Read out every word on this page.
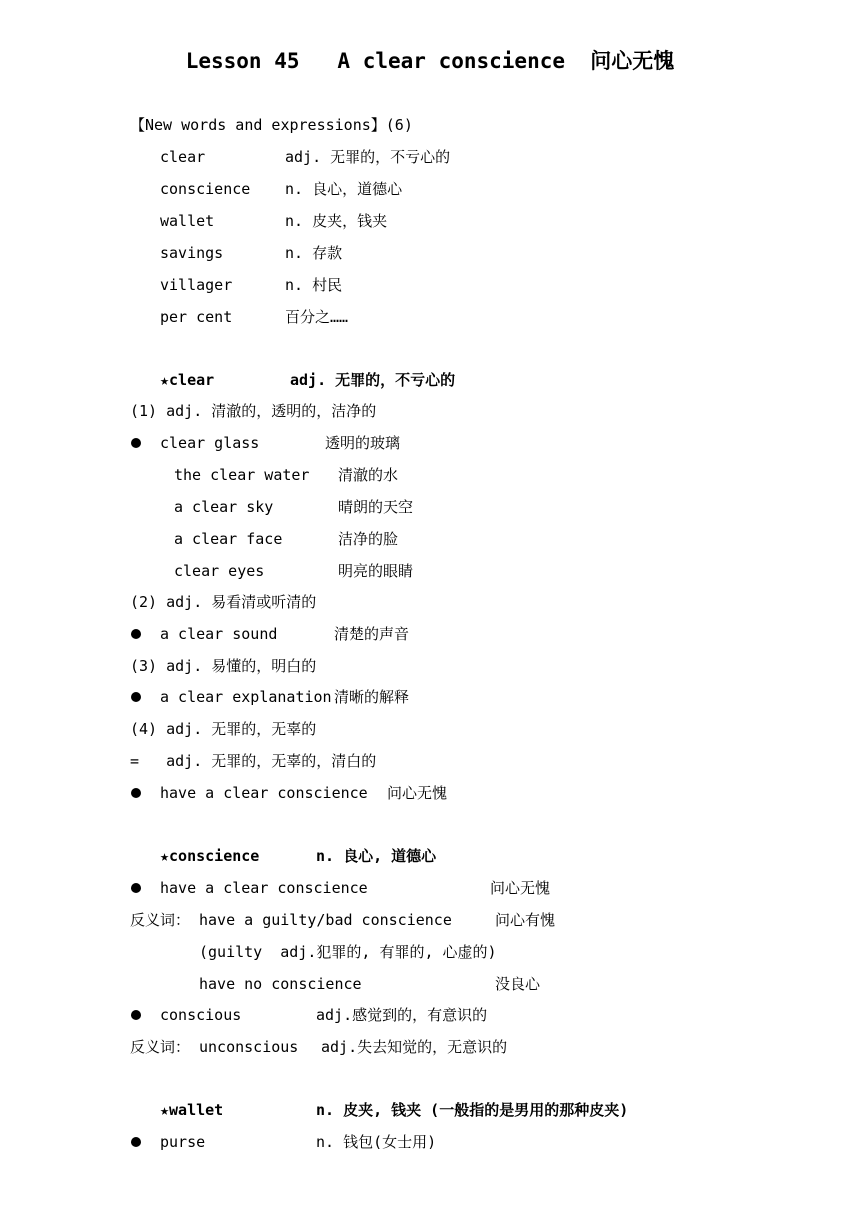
Lesson 45   A clear conscience  问心无愧
【New words and expressions】(6)
clear	adj. 无罪的，不亏心的
conscience n. 良心，道德心
wallet	n. 皮夹，钱夹
savings	n. 存款
villager	n. 村民
per cent	百分之……
★clear	adj. 无罪的，不亏心的
(1) adj. 清澈的，透明的，洁净的
clear glass	透明的玻璃
the clear water 清澈的水
a clear sky	晴朗的天空
a clear face	洁净的脸
clear eyes	明亮的眼睛
(2) adj. 易看清或听清的
a clear sound	清楚的声音
(3) adj. 易懂的，明白的
a clear explanation 清晰的解释
(4) adj. 无罪的，无辜的
=   adj. 无罪的，无辜的，清白的
have a clear conscience 问心无愧
★conscience	n. 良心, 道德心
have a clear conscience	问心无愧
反义词： have a guilty/bad conscience	问心有愧
(guilty  adj.犯罪的, 有罪的, 心虚的)
have no conscience	没良心
conscious	adj.感觉到的，有意识的
反义词： unconscious adj.失去知觉的，无意识的
★wallet	n. 皮夹, 钱夹 (一般指的是男用的那种皮夹)
purse	n. 钱包(女士用)
